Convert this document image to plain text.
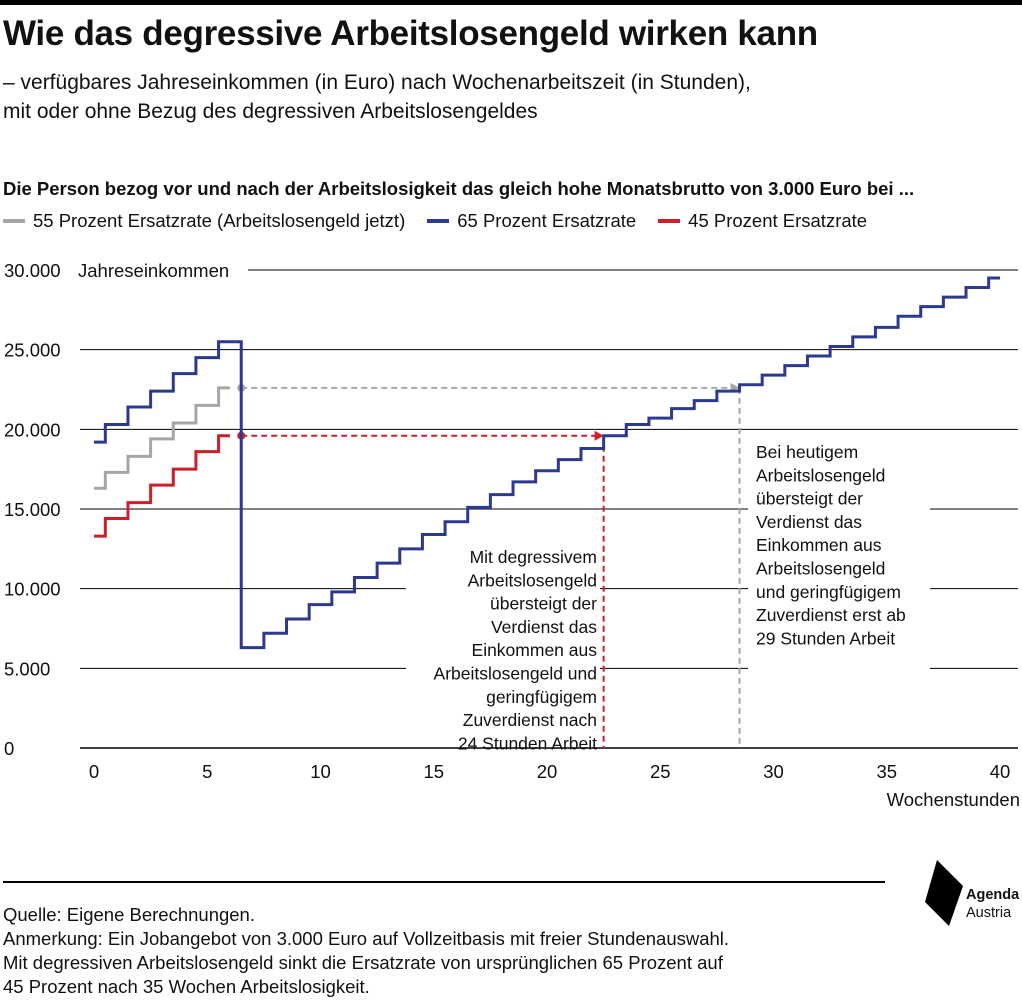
Wie das degressive Arbeitslosengeld wirken kann
– verfügbares Jahreseinkommen (in Euro) nach Wochenarbeitszeit (in Stunden),
mit oder ohne Bezug des degressiven Arbeitslosengeldes
Die Person bezog vor und nach der Arbeitslosigkeit das gleich hohe Monatsbrutto von 3.000 Euro bei ...
55 Prozent Ersatzrate (Arbeitslosengeld jetzt)	65 Prozent Ersatzrate	45 Prozent Ersatzrate
0
5.000
10.000
15.000
20.000
25.000
30.000 Jahreseinkommen
0	5	10	15	20	25	30	35	40
Wochenstunden
Mit degressivem
Arbeitslosengeld
übersteigt der
Verdienst das
Einkommen aus
Arbeitslosengeld und
geringfügigem
Zuverdienst nach
24 Stunden Arbeit
Bei heutigem
Arbeitslosengeld
übersteigt der
Verdienst das
Einkommen aus
Arbeitslosengeld
und geringfügigem
Zuverdienst erst ab
29 Stunden Arbeit
Quelle: Eigene Berechnungen.
Anmerkung: Ein Jobangebot von 3.000 Euro auf Vollzeitbasis mit freier Stundenauswahl.
Mit degressiven Arbeitslosengeld sinkt die Ersatzrate von ursprünglichen 65 Prozent auf
45 Prozent nach 35 Wochen Arbeitslosigkeit.
Agenda
Austria
